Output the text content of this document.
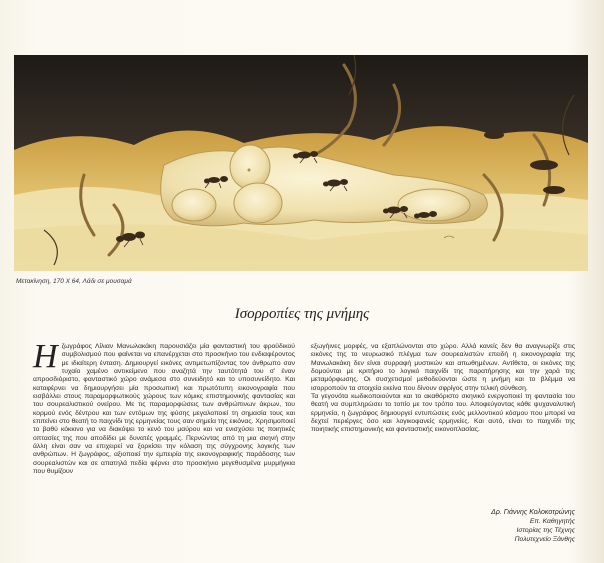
Μετακίνηση, 170 Χ 64, Λάδι σε μουσαμά
Ισορροπίες της μνήμης

Η ζωγράφος Λίλιαν Μανωλακάκη παρουσιάζει μία φανταστική του φροϋδικού συμβολισμού που φαίνεται να επανέρχεται στο προσκήνιο του ενδιαφέροντος με ιδιαίτερη ένταση. Δημιουργεί εικόνες αντιμετωπίζοντας τον άνθρωπο σαν τυχαίο χαμένο αντικείμενο που αναζητά την ταυτότητά του σ' έναν απροσδιόριστο, φανταστικό χώρο ανάμεσα στο συνειδητό και το υποσυνείδητο. Και καταφέρνει να δημιουργήσει μία προσωπική και πρωτότυπη εικονογραφία που εισβάλλει στους παραμορφωτικούς χώρους των κόμικς επιστημονικής φαντασίας και του σουρεαλιστικού ονείρου. Με τις παραμορφώσεις των ανθρώπινων άκρων, του κορμού ενός δέντρου και των εντόμων της φύσης μεγαλοποιεί τη σημασία τους και επιτείνει στο θεατή το παιχνίδι της ερμηνείας τους σαν σημεία της εικόνας. Χρησιμοποιεί το βαθύ κόκκινο για να διακόψει το κενό του μαύρου και να ενισχύσει τις ποιητικές οπτασίες της που αποδίδει με δυνατές γραμμές. Περνώντας από τη μια σκηνή στην άλλη είναι σαν να επιχειρεί να ξορκίσει την κόλαση της σύγχρονης λογικής των ανθρώπων. Η ζωγράφος, αξιοποιεί την εμπειρία της εικονογραφικής παράδοσης των σουρεαλιστών και σε απατηλά πεδία φέρνει στο προσκήνιο μεγεθυσμένα μυρμήγκια που θυμίζουν

εξωγήινες μορφές, να εξαπλώνονται στο χώρο. Αλλά κανείς δεν θα αναγνωρίζε στις εικόνες της το νευρωσικό πλέγμα των σουρεαλιστών επειδή η εικονογραφία της Μανωλακάκη δεν είναι συρραφή μυστικών και απωθημένων. Αντίθετα, οι εικόνες της δομούνται με κριτήριο το λογικό παιχνίδι της παρατήρησης και την χαρά της μεταμόρφωσης. Οι συσχετισμοί μεθοδεύονται ώστε η μνήμη και το βλέμμα να ισορροπούν τα στοιχεία εκείνα που δίνουν σφρίγος στην τελική σύνθεση.

Τα γεγονότα κωδικοποιούνται και το ακαθόριστο σκηνικό ενεργοποιεί τη φαντασία του θεατή να συμπληρώσει το τοπίο με τον τρόπο του. Αποφεύγοντας κάθε ψυχαναλυτική ερμηνεία, η ζωγράφος δημιουργεί εντυπώσεις ενός μελλοντικού κόσμου που μπορεί να δεχτεί περιέργες όσο και λογικοφανείς ερμηνείες. Και αυτό, είναι το παιχνίδι της ποιητικής επιστημονικής και φανταστικής εικονοπλασίας.

Δρ. Γιάννης Κολοκοτρώνης
Επ. Καθηγητής
Ιστορίας της Τέχνης
Πολυτεχνείο Ξάνθης
